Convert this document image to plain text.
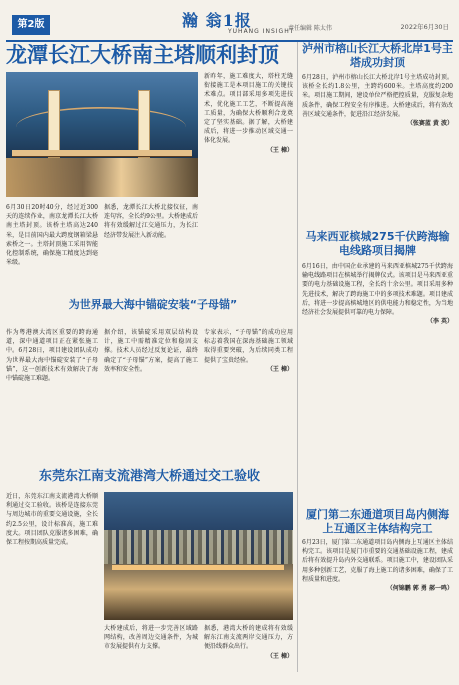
第2版	瀚 翁1报
YUHANG INSIGHT
责任编辑 陈太伟	2022年6月30日
龙潭长江大桥南主塔顺利封顶
6月30日20时40分，经过近300天的连续作业，南京龙潭长江大桥南主塔封顶。该桥主塔高达240米，是目前国内最大跨度钢箱梁悬索桥之一。主塔封顶施工采用智能化控制系统，确保施工精度达到毫米级。
据悉，龙潭长江大桥北接仪征，南连句容，全长约9公里。大桥建成后将有效缓解过江交通压力，为长江经济带发展注入新动能。
新昨年，施工难度大，塔柱无缝衔接施工是本项目施工的关键技术难点。项目部采用多项先进技术，优化施工工艺，不断提高施工质量，为确保大桥顺利合龙奠定了坚实基础。据了解，大桥建成后，将进一步推动区域交通一体化发展。
（王 樟）
为世界最大海中锚碇安装“子母锚”
作为粤港澳大湾区重要的跨海通道，深中通道项目正在紧张施工中。6月28日，项目建设团队成功为世界最大海中锚碇安装了“子母锚”，这一创新技术有效解决了海中锚碇施工难题。
据介绍，该锚碇采用双层结构设计，施工中需精准定位和稳固支撑。技术人员经过反复论证，最终确定了“子母锚”方案，提高了施工效率和安全性。
专家表示，“子母锚”的成功应用标志着我国在深海基础施工领域取得重要突破，为后续同类工程提供了宝贵经验。
（王 樟）
东莞东江南支流港湾大桥通过交工验收
近日，东莞东江南支流港湾大桥顺利通过交工验收。该桥是连接东莞与周边城市的重要交通设施，全长约2.5公里，设计标准高，施工难度大。项目团队克服诸多困难，确保工程按期高质量完成。
大桥建成后，将进一步完善区域路网结构，改善周边交通条件，为城市发展提供有力支撑。
据悉，港湾大桥的建成将有效缓解东江南支流两岸交通压力，方便沿线群众出行。
（王 樟）
泸州市榕山长江大桥北岸1号主塔成功封顶
6月28日，泸州市榕山长江大桥北岸1号主塔成功封顶。该桥全长约1.8公里，主跨约600米。主塔高度约200米。项目施工期间，建设单位严格把控质量，克服复杂地质条件，确保工程安全有序推进。大桥建成后，将有效改善区域交通条件，促进沿江经济发展。
（张赛蓝 黄 波）
马来西亚槟城275千伏跨海输电线路项目揭牌
6月16日，由中国企业承建的马来西亚槟城275千伏跨海输电线路项目在槟城举行揭牌仪式。该项目是马来西亚重要的电力基础设施工程，全长约十余公里。项目采用多种先进技术，解决了跨海施工中的多项技术难题。项目建成后，将进一步提高槟城地区的供电能力和稳定性，为当地经济社会发展提供可靠的电力保障。
（李 英）
厦门第二东通道项目岛内侧海上互通区主体结构完工
6月23日，厦门第二东通道项目岛内侧海上互通区主体结构完工。该项目是厦门市重要的交通基础设施工程，建成后将有效提升岛内外交通联系。项目施工中，建设团队采用多种创新工艺，克服了海上施工的诸多困难，确保了工程质量和进度。
（何锦鹏 郭 勇 郝一鸣）
